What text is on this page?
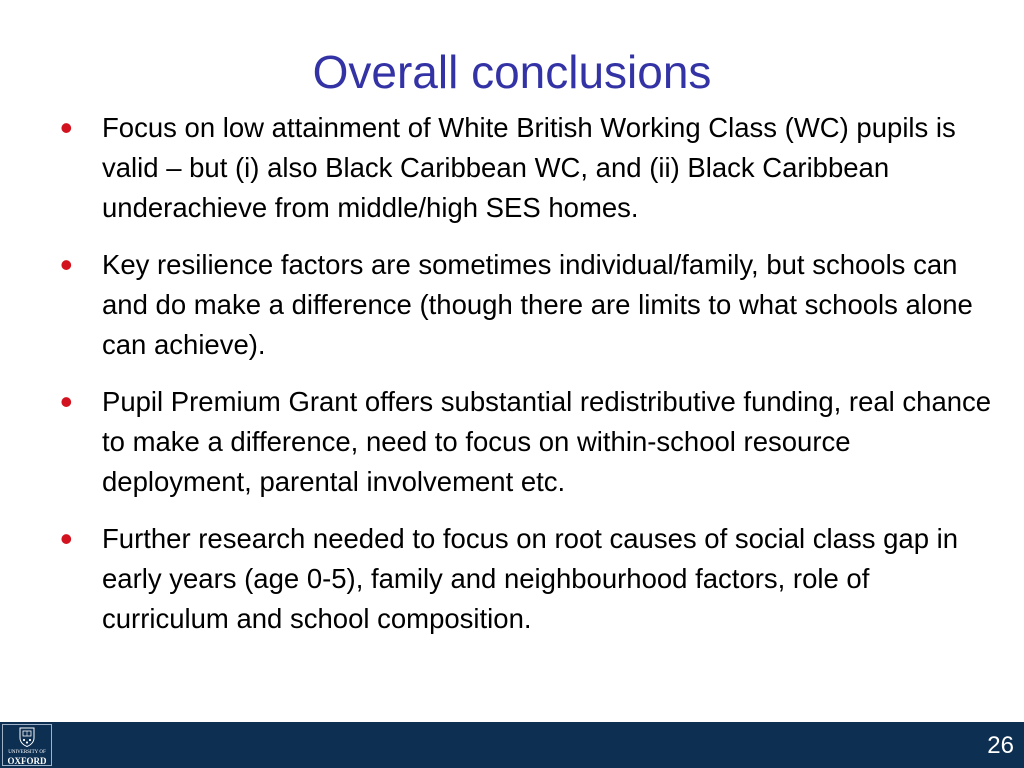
Overall conclusions
• Focus on low attainment of White British Working Class (WC) pupils is valid – but (i) also Black Caribbean WC, and (ii) Black Caribbean underachieve from middle/high SES homes.
• Key resilience factors are sometimes individual/family, but schools can and do make a difference (though there are limits to what schools alone can achieve).
• Pupil Premium Grant offers substantial redistributive funding, real chance to make a difference, need to focus on within-school resource deployment, parental involvement etc.
• Further research needed to focus on root causes of social class gap in early years (age 0-5), family and neighbourhood factors, role of curriculum and school composition.
UNIVERSITY OF
OXFORD
26
